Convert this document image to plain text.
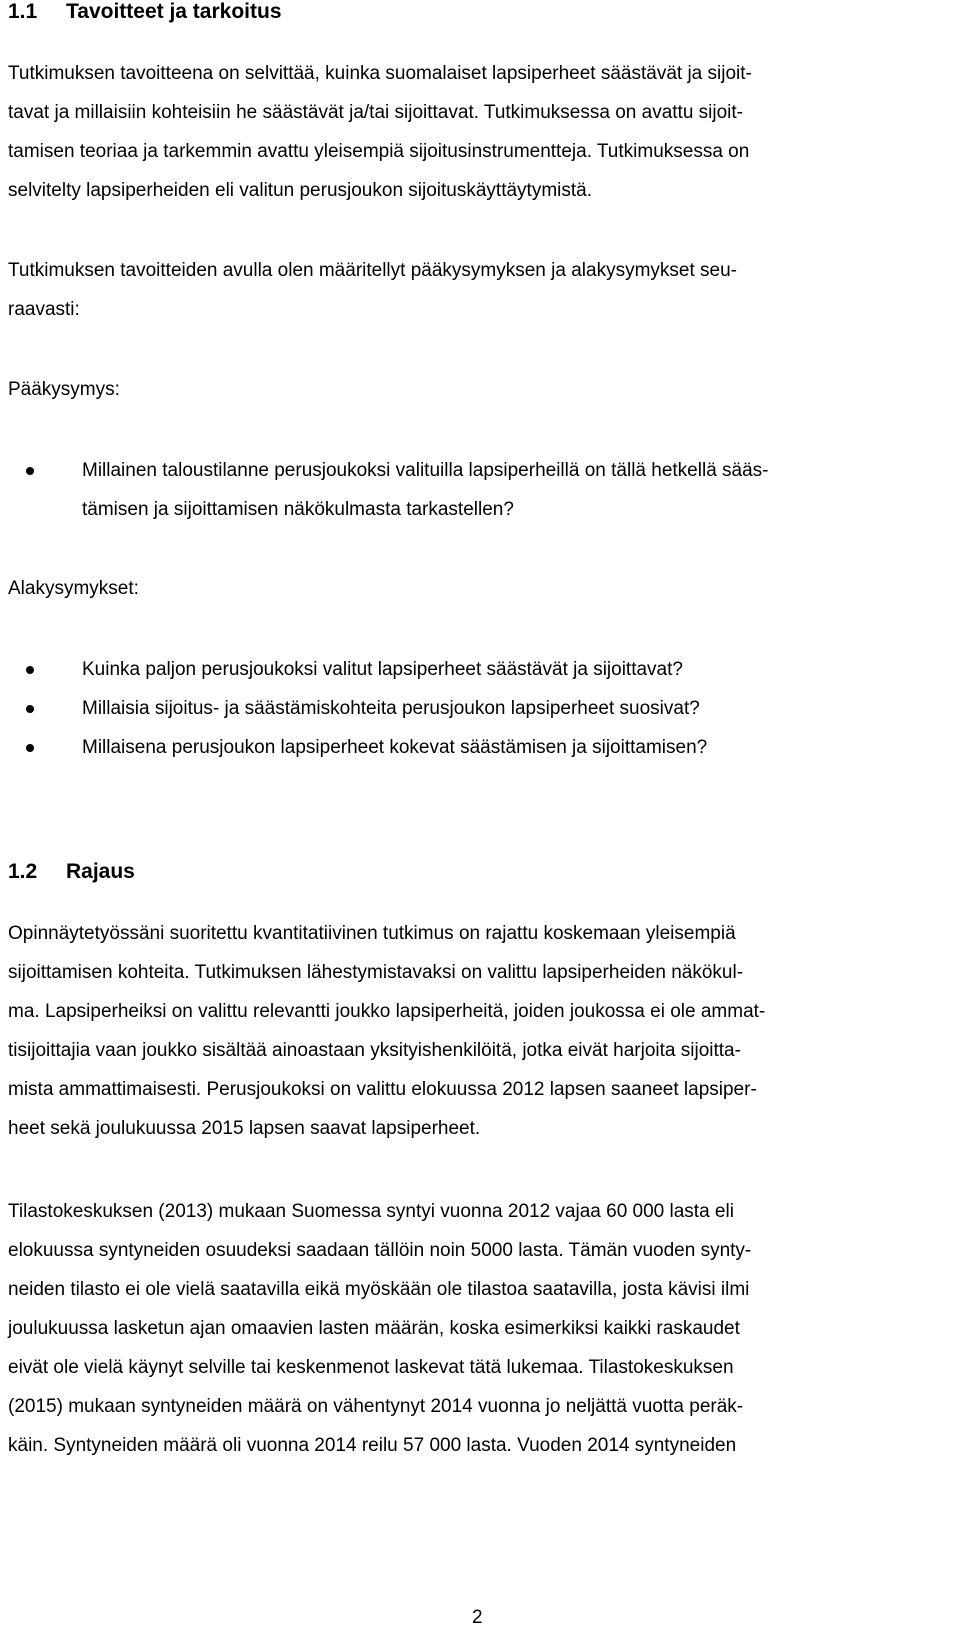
1.1 Tavoitteet ja tarkoitus
Tutkimuksen tavoitteena on selvittää, kuinka suomalaiset lapsiperheet säästävät ja sijoit-
tavat ja millaisiin kohteisiin he säästävät ja/tai sijoittavat. Tutkimuksessa on avattu sijoit-
tamisen teoriaa ja tarkemmin avattu yleisempiä sijoitusinstrumentteja. Tutkimuksessa on
selvitelty lapsiperheiden eli valitun perusjoukon sijoituskäyttäytymistä.
Tutkimuksen tavoitteiden avulla olen määritellyt pääkysymyksen ja alakysymykset seu-
raavasti:
Pääkysymys:
Millainen taloustilanne perusjoukoksi valituilla lapsiperheillä on tällä hetkellä sääs-
tämisen ja sijoittamisen näkökulmasta tarkastellen?
Alakysymykset:
Kuinka paljon perusjoukoksi valitut lapsiperheet säästävät ja sijoittavat?
Millaisia sijoitus- ja säästämiskohteita perusjoukon lapsiperheet suosivat?
Millaisena perusjoukon lapsiperheet kokevat säästämisen ja sijoittamisen?
1.2 Rajaus
Opinnäytetyössäni suoritettu kvantitatiivinen tutkimus on rajattu koskemaan yleisempiä
sijoittamisen kohteita. Tutkimuksen lähestymistavaksi on valittu lapsiperheiden näkökul-
ma. Lapsiperheiksi on valittu relevantti joukko lapsiperheitä, joiden joukossa ei ole ammat-
tisijoittajia vaan joukko sisältää ainoastaan yksityishenkilöitä, jotka eivät harjoita sijoitta-
mista ammattimaisesti. Perusjoukoksi on valittu elokuussa 2012 lapsen saaneet lapsiper-
heet sekä joulukuussa 2015 lapsen saavat lapsiperheet.
Tilastokeskuksen (2013) mukaan Suomessa syntyi vuonna 2012 vajaa 60 000 lasta eli
elokuussa syntyneiden osuudeksi saadaan tällöin noin 5000 lasta. Tämän vuoden synty-
neiden tilasto ei ole vielä saatavilla eikä myöskään ole tilastoa saatavilla, josta kävisi ilmi
joulukuussa lasketun ajan omaavien lasten määrän, koska esimerkiksi kaikki raskaudet
eivät ole vielä käynyt selville tai keskenmenot laskevat tätä lukemaa. Tilastokeskuksen
(2015) mukaan syntyneiden määrä on vähentynyt 2014 vuonna jo neljättä vuotta peräk-
käin. Syntyneiden määrä oli vuonna 2014 reilu 57 000 lasta. Vuoden 2014 syntyneiden
2
